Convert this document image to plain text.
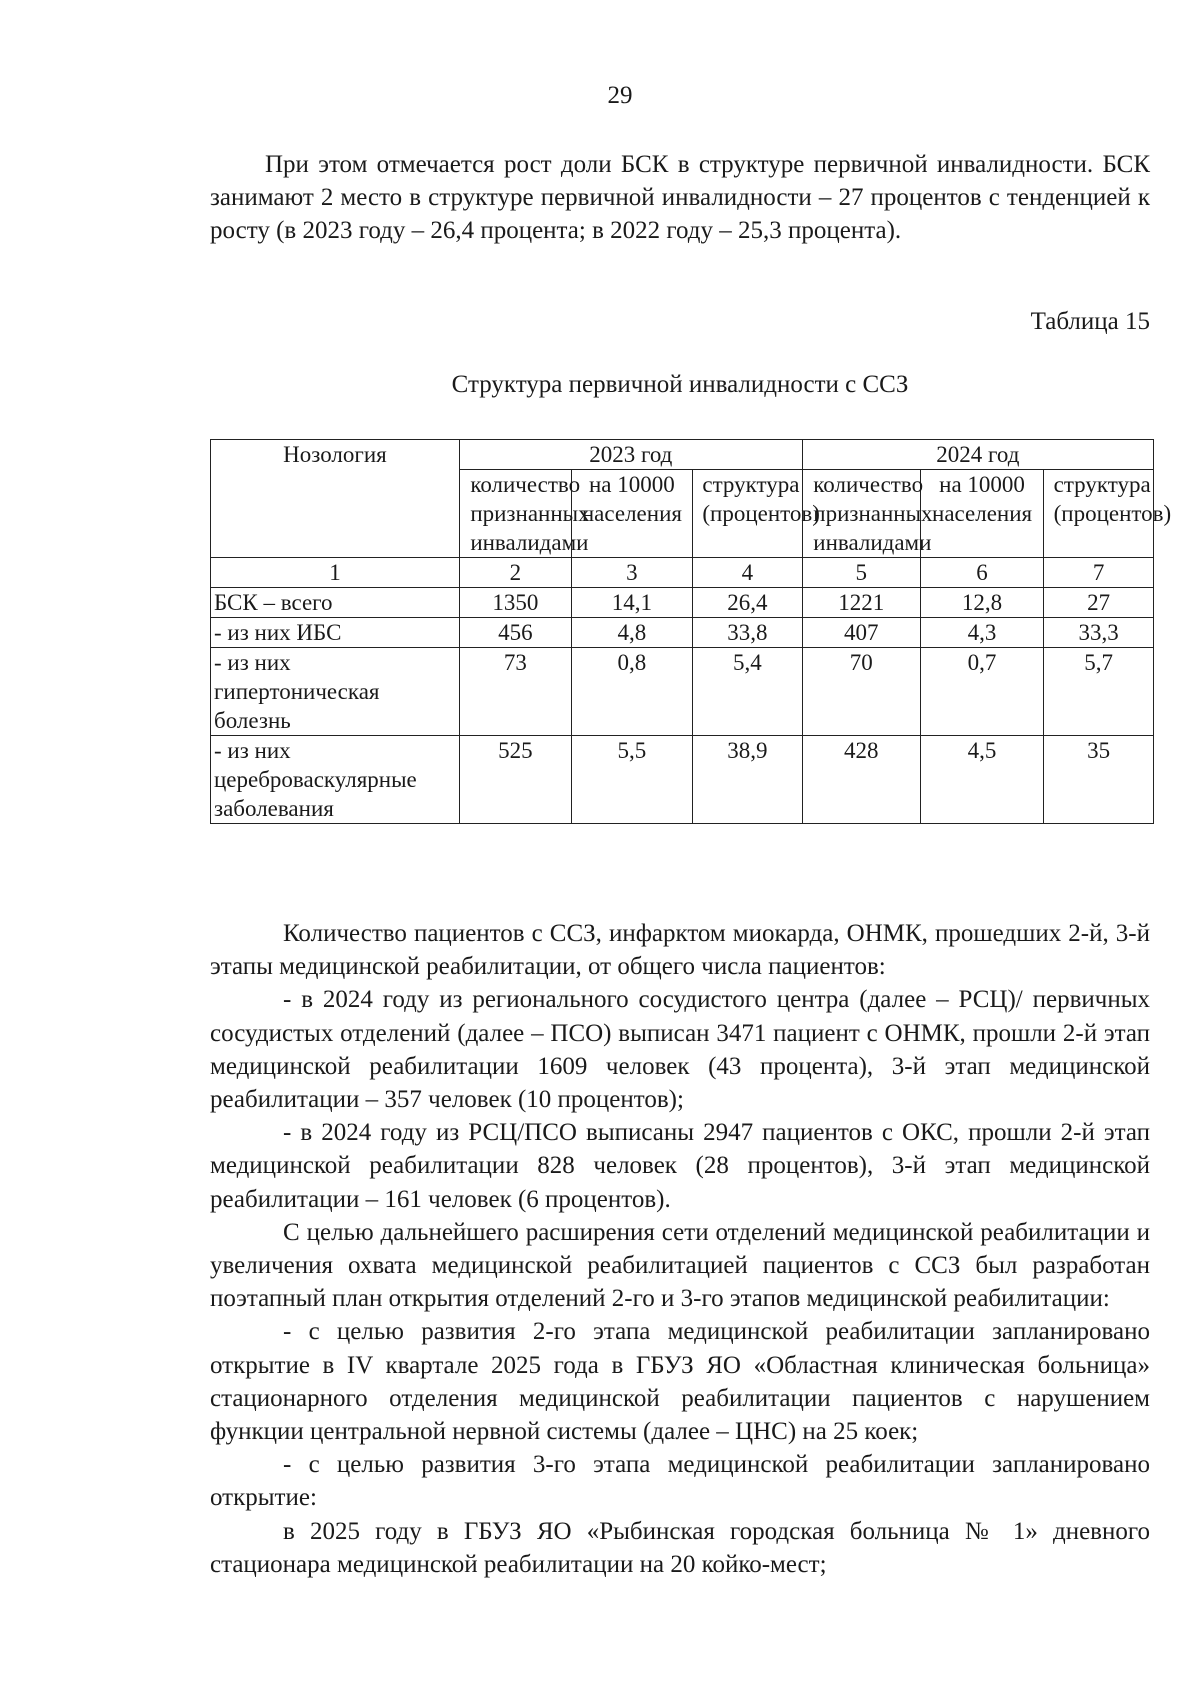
29

При этом отмечается рост доли БСК в структуре первичной инвалидности. БСК занимают 2 место в структуре первичной инвалидности – 27 процентов с тенденцией к росту (в 2023 году – 26,4 процента; в 2022 году – 25,3 процента).

Таблица 15
Структура первичной инвалидности с ССЗ
Нозология	2023 год			2024 год		
	количество признанных инвалидами	на 10000 населения	структура (процентов)	количество признанных инвалидами	на 10000 населения	структура (процентов)
1	2	3	4	5	6	7
БСК – всего	1350	14,1	26,4	1221	12,8	27
- из них ИБС	456	4,8	33,8	407	4,3	33,3
- из них гипертоническая болезнь	73	0,8	5,4	70	0,7	5,7
- из них цереброваскулярные заболевания	525	5,5	38,9	428	4,5	35

Количество пациентов с ССЗ, инфарктом миокарда, ОНМК, прошедших 2-й, 3-й этапы медицинской реабилитации, от общего числа пациентов:

- в 2024 году из регионального сосудистого центра (далее – РСЦ)/ первичных сосудистых отделений (далее – ПСО) выписан 3471 пациент с ОНМК, прошли 2-й этап медицинской реабилитации 1609 человек (43 процента), 3-й этап медицинской реабилитации – 357 человек (10 процентов);

- в 2024 году из РСЦ/ПСО выписаны 2947 пациентов с ОКС, прошли 2-й этап медицинской реабилитации 828 человек (28 процентов), 3-й этап медицинской реабилитации – 161 человек (6 процентов).

С целью дальнейшего расширения сети отделений медицинской реабилитации и увеличения охвата медицинской реабилитацией пациентов с ССЗ был разработан поэтапный план открытия отделений 2-го и 3-го этапов медицинской реабилитации:

- с целью развития 2-го этапа медицинской реабилитации запланировано открытие в IV квартале 2025 года в ГБУЗ ЯО «Областная клиническая больница» стационарного отделения медицинской реабилитации пациентов с нарушением функции центральной нервной системы (далее – ЦНС) на 25 коек;

- с целью развития 3-го этапа медицинской реабилитации запланировано открытие:

в 2025 году в ГБУЗ ЯО «Рыбинская городская больница № 1» дневного стационара медицинской реабилитации на 20 койко-мест;
